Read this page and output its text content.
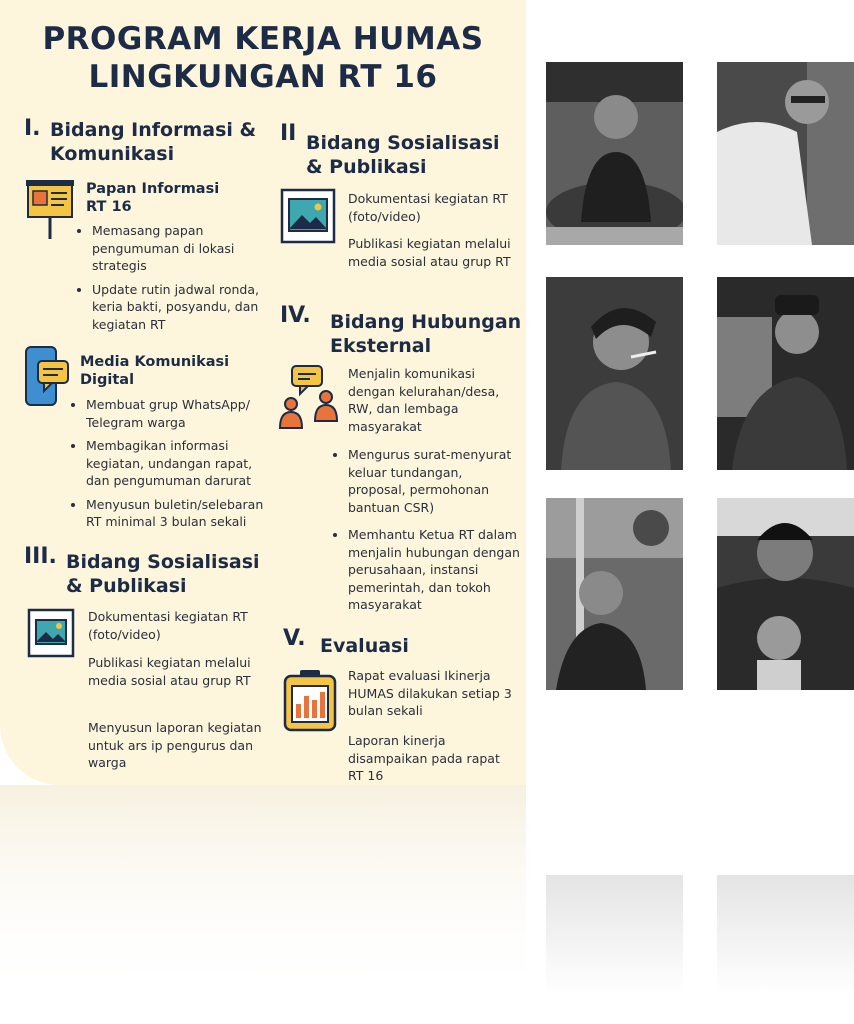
PROGRAM KERJA HUMAS
LINGKUNGAN RT 16
I. Bidang Informasi &
Komunikasi
Papan Informasi
RT 16
• Memasang papan pengumuman di lokasi strategis
• Update rutin jadwal ronda, keria bakti, posyandu, dan kegiatan RT
Media Komunikasi
Digital
• Membuat grup WhatsApp/ Telegram warga
• Membagikan informasi kegiatan, undangan rapat, dan pengumuman darurat
• Menyusun buletin/selebaran RT minimal 3 bulan sekali
III. Bidang Sosialisasi
& Publikasi
Dokumentasi kegiatan RT (foto/video)
Publikasi kegiatan melalui media sosial atau grup RT
Menyusun laporan kegiatan untuk ars ip pengurus dan warga
II Bidang Sosialisasi
& Publikasi
Dokumentasi kegiatan RT (foto/video)
Publikasi kegiatan melalui media sosial atau grup RT
IV. Bidang Hubungan
Eksternal
Menjalin komunikasi dengan kelurahan/desa, RW, dan lembaga masyarakat
• Mengurus surat-menyurat keluar tundangan, proposal, permohonan bantuan CSR)
• Memhantu Ketua RT dalam menjalin hubungan dengan perusahaan, instansi pemerintah, dan tokoh masyarakat
V. Evaluasi
Rapat evaluasi Ikinerja HUMAS dilakukan setiap 3 bulan sekali
Laporan kinerja disampaikan pada rapat RT 16
